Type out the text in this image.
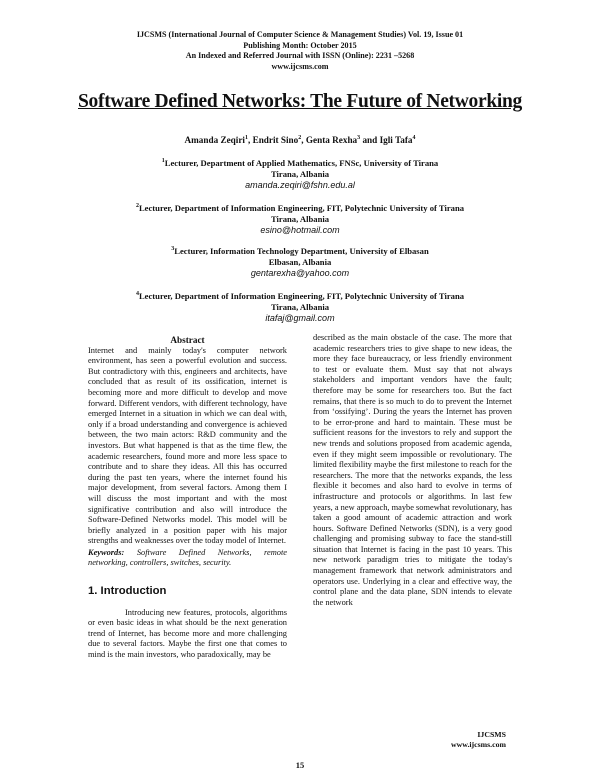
IJCSMS (International Journal of Computer Science & Management Studies) Vol. 19, Issue 01
Publishing Month: October 2015
An Indexed and Referred Journal with ISSN (Online): 2231 –5268
www.ijcsms.com
Software Defined Networks: The Future of Networking
Amanda Zeqiri$^1$, Endrit Sino$^2$, Genta Rexha$^3$ and Igli Tafa$^4$
$^1$Lecturer, Department of Applied Mathematics, FNSc, University of Tirana
Tirana, Albania
amanda.zeqiri@fshn.edu.al
$^2$Lecturer, Department of Information Engineering, FIT, Polytechnic University of Tirana
Tirana, Albania
esino@hotmail.com
$^3$Lecturer, Information Technology Department, University of Elbasan
Elbasan, Albania
gentarexha@yahoo.com
$^4$Lecturer, Department of Information Engineering, FIT, Polytechnic University of Tirana
Tirana, Albania
itafaj@gmail.com

Abstract

Internet and mainly today's computer network environment, has seen a powerful evolution and success. But contradictory with this, engineers and architects, have concluded that as result of its ossification, internet is becoming more and more difficult to develop and move forward. Different vendors, with different technology, have emerged Internet in a situation in which we can deal with, only if a broad understanding and convergence is achieved between, the two main actors: R&D community and the investors. But what happened is that as the time flew, the academic researchers, found more and more less space to contribute and to share they ideas. All this has occurred during the past ten years, where the internet found his major development, from several factors. Among them I will discuss the most important and with the most significative contribution and also will introduce the Software-Defined Networks model. This model will be briefly analyzed in a position paper with his major strengths and weaknesses over the today model of Internet.

Keywords: Software Defined Networks, remote networking, controllers, switches, security.

1. Introduction

Introducing new features, protocols, algorithms or even basic ideas in what should be the next generation trend of Internet, has become more and more challenging due to several factors. Maybe the first one that comes to mind is the main investors, who paradoxically, may be

described as the main obstacle of the case. The more that academic researchers tries to give shape to new ideas, the more they face bureaucracy, or less friendly environment to test or evaluate them. Must say that not always stakeholders and important vendors have the fault; therefore may be some for researchers too. But the fact remains, that there is so much to do to prevent the Internet from ‘ossifying’. During the years the Internet has proven to be error-prone and hard to maintain. These must be sufficient reasons for the investors to rely and support the new trends and solutions proposed from academic agenda, even if they might seem impossible or revolutionary. The limited flexibility maybe the first milestone to reach for the researchers. The more that the networks expands, the less flexible it becomes and also hard to evolve in terms of infrastructure and protocols or algorithms. In last few years, a new approach, maybe somewhat revolutionary, has taken a good amount of academic attraction and work hours. Software Defined Networks (SDN), is a very good challenging and promising subway to face the stand-still situation that Internet is facing in the past 10 years. This new network paradigm tries to mitigate the today's management framework that network administrators and operators use. Underlying in a clear and effective way, the control plane and the data plane, SDN intends to elevate the network

IJCSMS
www.ijcsms.com
15
